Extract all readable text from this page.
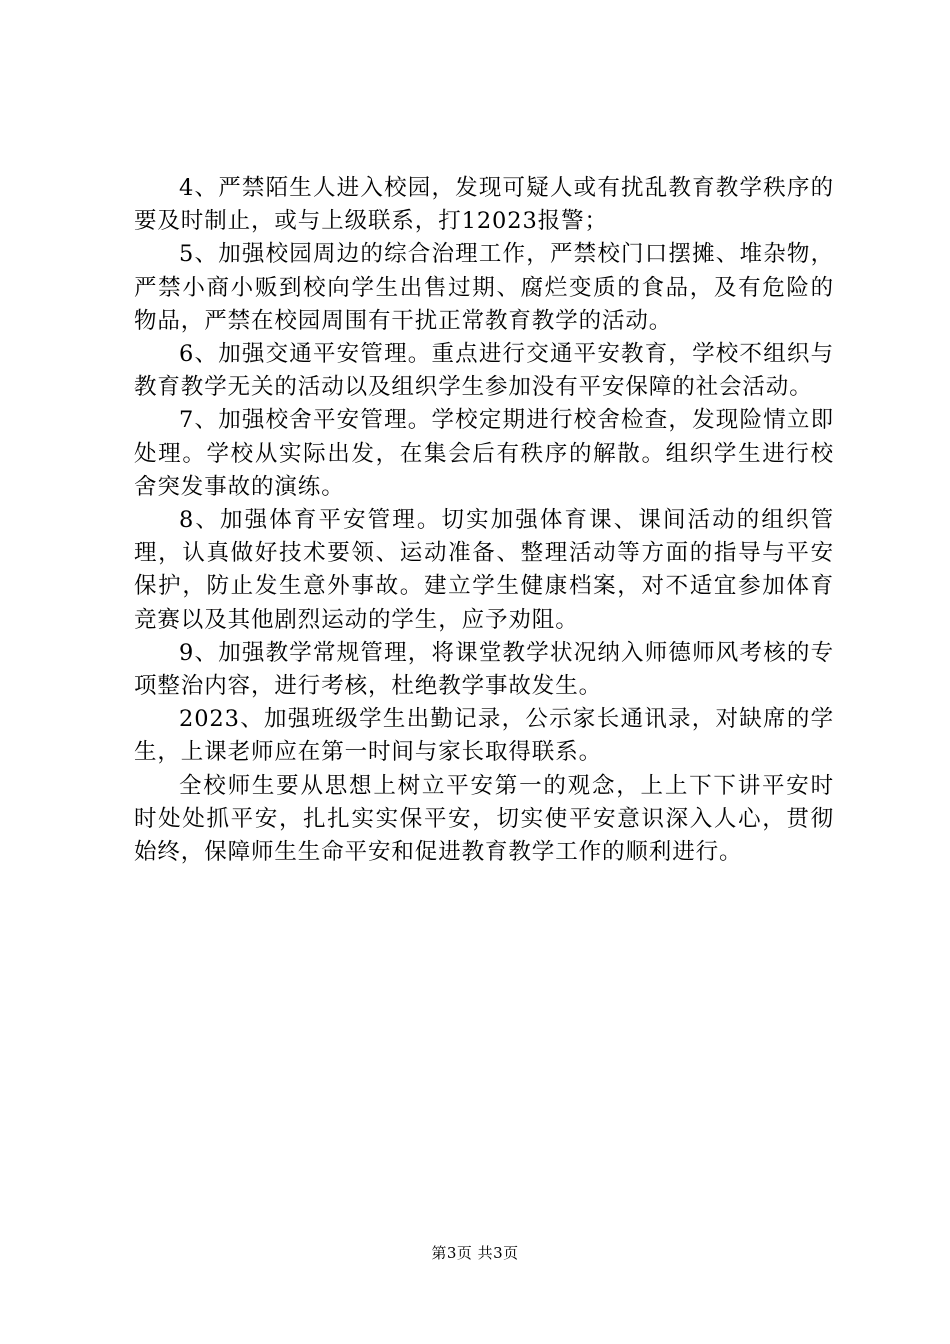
4、严禁陌生人进入校园，发现可疑人或有扰乱教育教学秩序的要及时制止，或与上级联系，打12023报警；

5、加强校园周边的综合治理工作，严禁校门口摆摊、堆杂物，严禁小商小贩到校向学生出售过期、腐烂变质的食品，及有危险的物品，严禁在校园周围有干扰正常教育教学的活动。

6、加强交通平安管理。重点进行交通平安教育，学校不组织与教育教学无关的活动以及组织学生参加没有平安保障的社会活动。

7、加强校舍平安管理。学校定期进行校舍检查，发现险情立即处理。学校从实际出发，在集会后有秩序的解散。组织学生进行校舍突发事故的演练。

8、加强体育平安管理。切实加强体育课、课间活动的组织管理，认真做好技术要领、运动准备、整理活动等方面的指导与平安保护，防止发生意外事故。建立学生健康档案，对不适宜参加体育竞赛以及其他剧烈运动的学生，应予劝阻。

9、加强教学常规管理，将课堂教学状况纳入师德师风考核的专项整治内容，进行考核，杜绝教学事故发生。

2023、加强班级学生出勤记录，公示家长通讯录，对缺席的学生，上课老师应在第一时间与家长取得联系。

全校师生要从思想上树立平安第一的观念，上上下下讲平安时时处处抓平安，扎扎实实保平安，切实使平安意识深入人心，贯彻始终，保障师生生命平安和促进教育教学工作的顺利进行。

第3页 共3页
